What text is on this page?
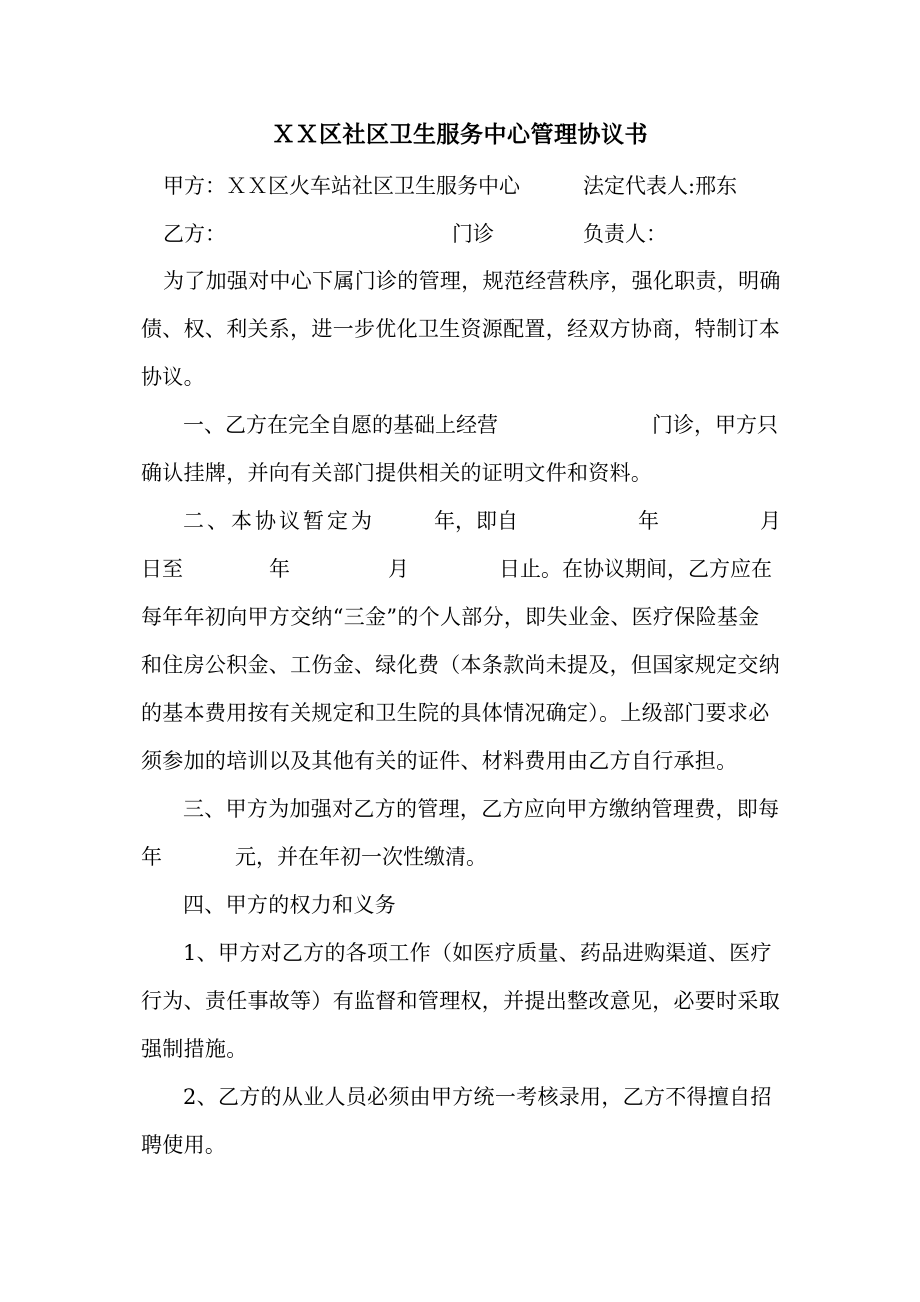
ＸＸ区社区卫生服务中心管理协议书
甲方：ＸＸ区火车站社区卫生服务中心	法定代表人:邢东
乙方：	门诊	负责人：

为了加强对中心下属门诊的管理，规范经营秩序，强化职责，明确

债、权、利关系，进一步优化卫生资源配置，经双方协商，特制订本

协议。

一、乙方在完全自愿的基础上经营	门诊，甲方只

确认挂牌，并向有关部门提供相关的证明文件和资料。

二、本协议暂定为	年，即自	年	月
日至	年	月	日止。在协议期间，乙方应在

每年年初向甲方交纳“三金”的个人部分，即失业金、医疗保险基金

和住房公积金、工伤金、绿化费（本条款尚未提及，但国家规定交纳

的基本费用按有关规定和卫生院的具体情况确定）。上级部门要求必

须参加的培训以及其他有关的证件、材料费用由乙方自行承担。

三、甲方为加强对乙方的管理，乙方应向甲方缴纳管理费，即每

年	元，并在年初一次性缴清。

四、甲方的权力和义务

1、甲方对乙方的各项工作（如医疗质量、药品进购渠道、医疗

行为、责任事故等）有监督和管理权，并提出整改意见，必要时采取

强制措施。

2、乙方的从业人员必须由甲方统一考核录用，乙方不得擅自招

聘使用。
